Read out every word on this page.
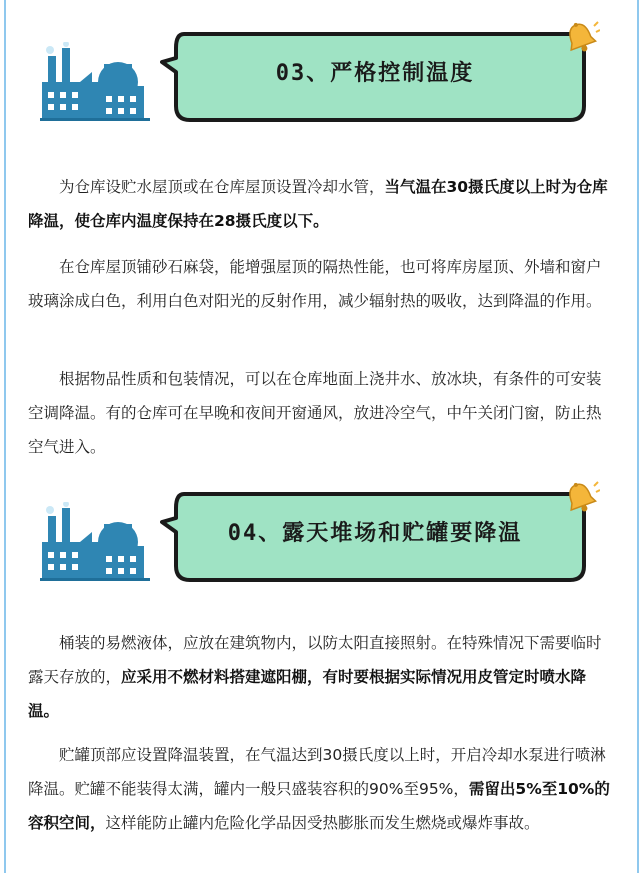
03、严格控制温度

为仓库设贮水屋顶或在仓库屋顶设置冷却水管，当气温在30摄氏度以上时为仓库降温，使仓库内温度保持在28摄氏度以下。

在仓库屋顶铺砂石麻袋，能增强屋顶的隔热性能，也可将库房屋顶、外墙和窗户玻璃涂成白色，利用白色对阳光的反射作用，减少辐射热的吸收，达到降温的作用。

根据物品性质和包装情况，可以在仓库地面上浇井水、放冰块，有条件的可安装空调降温。有的仓库可在早晚和夜间开窗通风，放进冷空气，中午关闭门窗，防止热空气进入。

04、露天堆场和贮罐要降温

桶装的易燃液体，应放在建筑物内，以防太阳直接照射。在特殊情况下需要临时露天存放的，应采用不燃材料搭建遮阳棚，有时要根据实际情况用皮管定时喷水降温。

贮罐顶部应设置降温装置，在气温达到30摄氏度以上时，开启冷却水泵进行喷淋降温。贮罐不能装得太满，罐内一般只盛装容积的90%至95%，需留出5%至10%的容积空间，这样能防止罐内危险化学品因受热膨胀而发生燃烧或爆炸事故。
